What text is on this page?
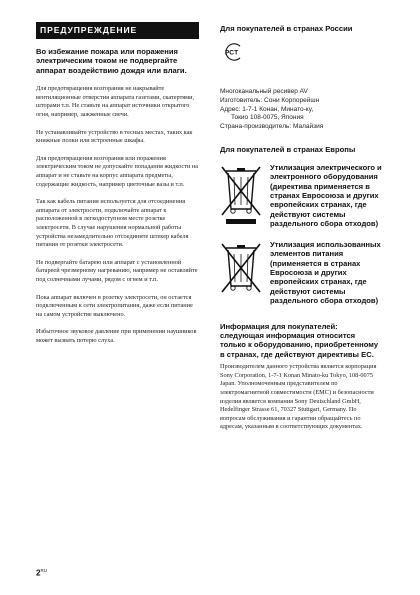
ПРЕДУПРЕЖДЕНИЕ
Во избежание пожара или поражения электрическим током не подвергайте аппарат воздействию дождя или влаги.

Для предотвращения возгорания не накрывайте вентиляционные отверстия аппарата газетами, скатертями, шторами т.п. Не ставьте на аппарат источники открытого огня, например, зажженные свечи.

Не устанавливайте устройство в тесных местах, таких как книжные полки или встроенные шкафы.

Для предотвращения возгорания или поражения электрическим током не допускайте попадания жидкости на аппарат и не ставьте на корпус аппарата предметы, содержащие жидкость, например цветочные вазы и т.п.

Так как кабель питания используется для отсоединения аппарата от электросети, подключайте аппарат к расположенной в легкодоступном месте розетке электросети. В случае нарушения нормальной работы устройства незамедлительно отсоедините штекер кабеля питания от розетки электросети.

Не подвергайте батарею или аппарат с установленной батареей чрезмерному нагреванию, например не оставляйте под солнечными лучами, рядом с огнем и т.п.

Пока аппарат включен в розетку электросети, он остается подключенным к сети электропитания, даже если питание на самом устройстве выключено.

Избыточное звуковое давление при применении наушников может вызвать потерю слуха.

Для покупателей в странах России

PCT
Многоканальный ресивер AV
Изготовитель: Сони Корпорейшн
Адрес: 1-7-1 Конан, Минато-ку,
Токио 108-0075, Япония
Страна-производитель: Малайзия

Для покупателей в странах Европы

Утилизация электрического и электронного оборудования (директива применяется в странах Евросоюза и других европейских странах, где действуют системы раздельного сбора отходов)
Утилизация использованных элементов питания (применяется в странах Евросоюза и других европейских странах, где действуют системы раздельного сбора отходов)

Информация для покупателей: следующая информация относится только к оборудованию, приобретенному в странах, где действуют директивы ЕС.

Производителем данного устройства является корпорация Sony Corporation, 1-7-1 Konan Minato-ku Tokyo, 108-0075 Japan. Уполномоченным представителем по электромагнитной совместимости (EMC) и безопасности изделия является компания Sony Deutschland GmbH, Hedelfinger Strasse 61, 70327 Stuttgart, Germany. По вопросам обслуживания и гарантии обращайтесь по адресам, указанным в соответствующих документах.

$2^{RU}$
